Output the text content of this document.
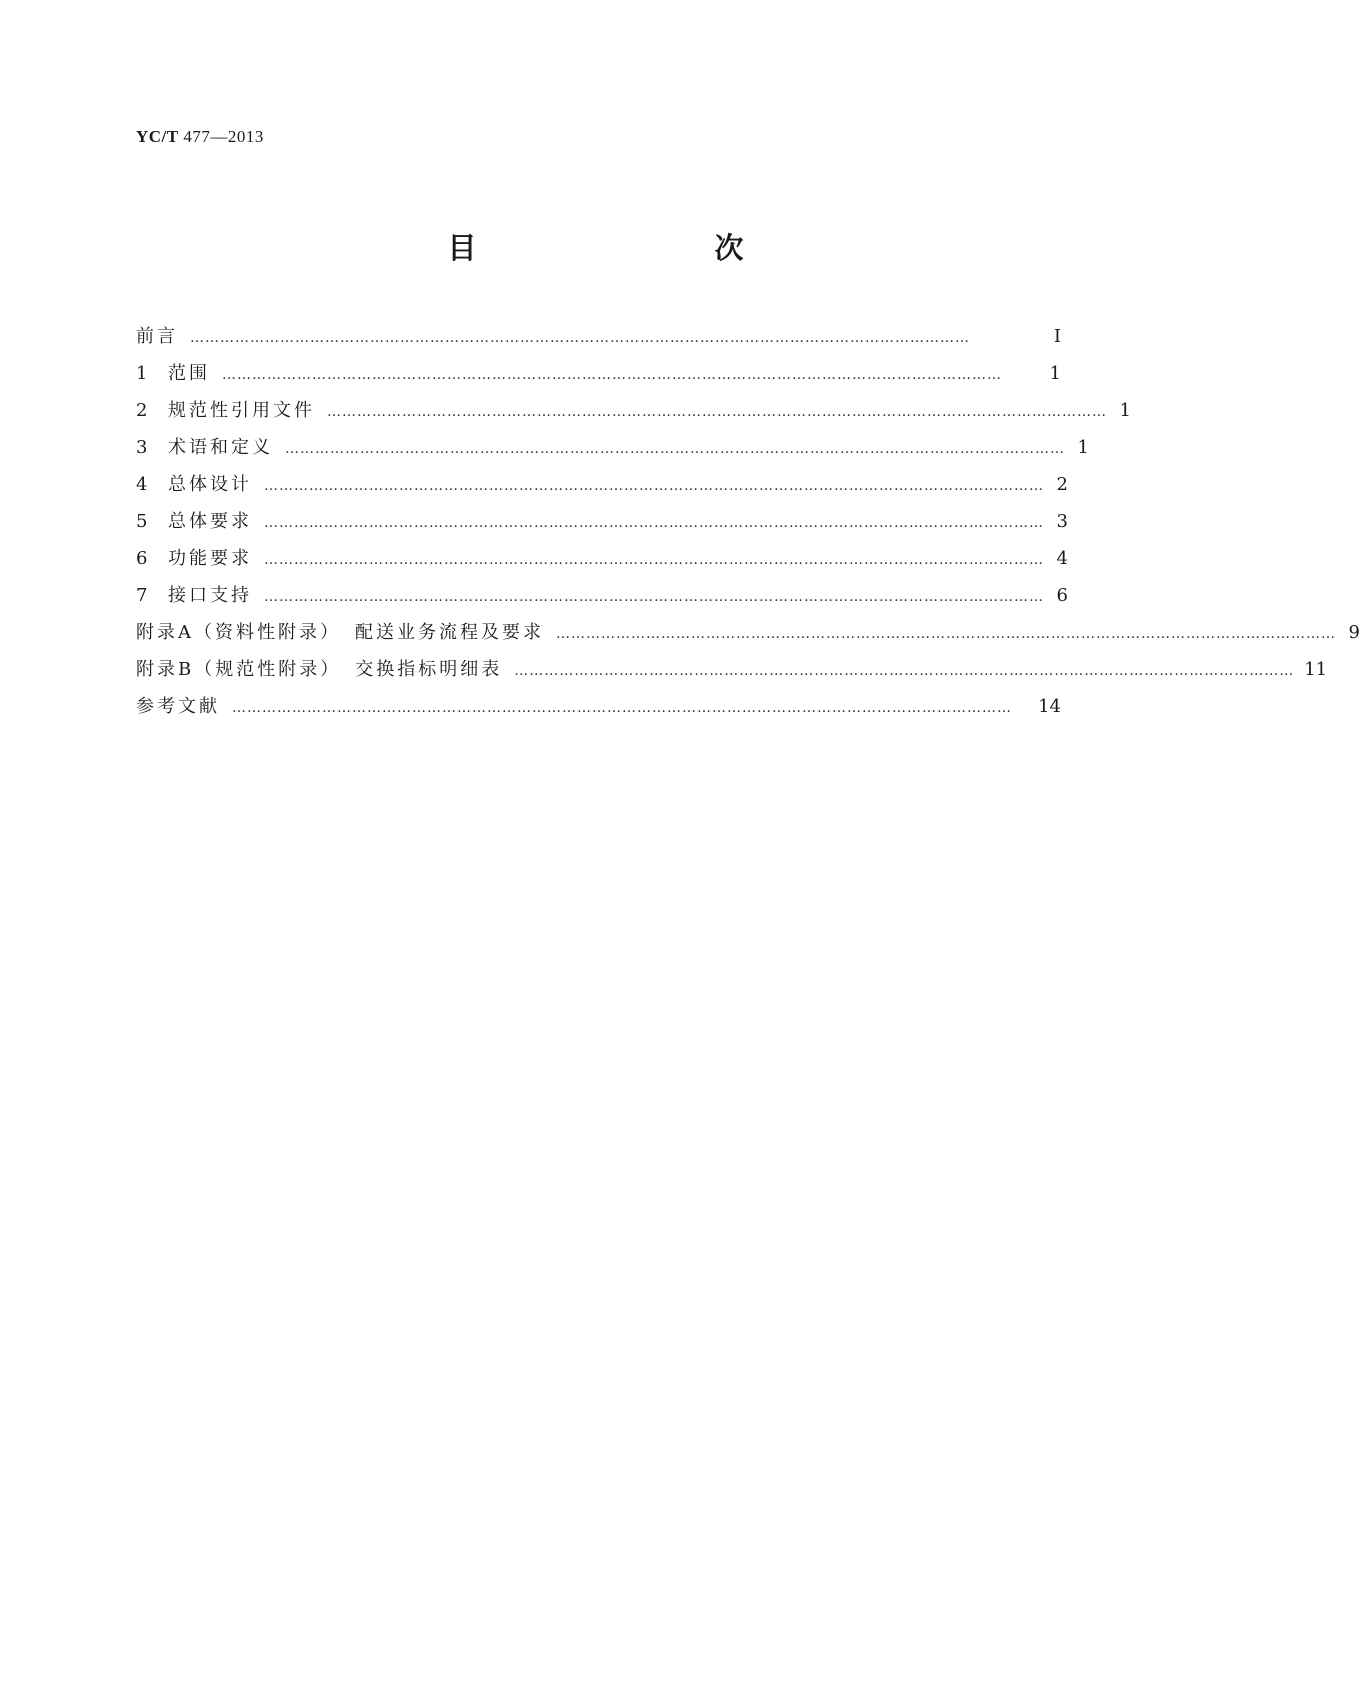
YC/T 477—2013
目　　次
前言 …………………………………………………………………………………………………………………………………………	Ⅰ
1	范围 …………………………………………………………………………………………………………………………………………	1
2	规范性引用文件 ………………………………………………………………………………………………………………………………………… 1
3	术语和定义 ………………………………………………………………………………………………………………………………………… 1
4	总体设计 ………………………………………………………………………………………………………………………………………… 2
5	总体要求 ………………………………………………………………………………………………………………………………………… 3
6	功能要求 ………………………………………………………………………………………………………………………………………… 4
7	接口支持 ………………………………………………………………………………………………………………………………………… 6
附录A（资料性附录） 配送业务流程及要求 ………………………………………………………………………………………………………………………………………… 9
附录B（规范性附录） 交换指标明细表 ………………………………………………………………………………………………………………………………………… 11
参考文献 …………………………………………………………………………………………………………………………………………	14
